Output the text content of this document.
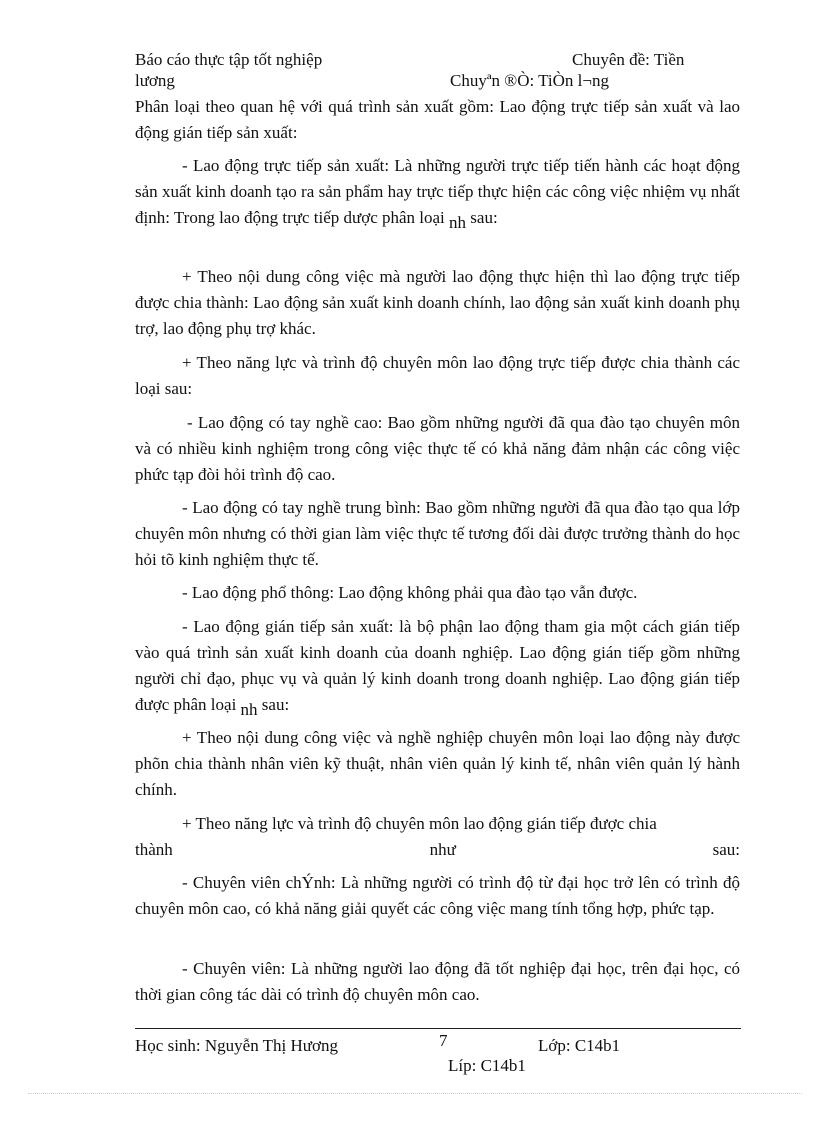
Báo cáo thực tập tốt nghiệp	Chuyên đề: Tiền
lương	Chuyªn ®Ò: TiÒn l¬ng
Phân loại theo quan hệ với quá trình sản xuất gồm: Lao động trực tiếp sản xuất và lao động gián tiếp sản xuất:
- Lao động trực tiếp sản xuất: Là những người trực tiếp tiến hành các hoạt động sản xuất kinh doanh tạo ra sản phẩm hay trực tiếp thực hiện các công việc nhiệm vụ nhất định: Trong lao động trực tiếp dược phân loại nh sau:
+ Theo nội dung công việc mà người lao động thực hiện thì lao động trực tiếp được chia thành: Lao động sản xuất kinh doanh chính, lao động sản xuất kinh doanh phụ trợ, lao động phụ trợ khác.
+ Theo năng lực và trình độ chuyên môn lao động trực tiếp được chia thành các loại sau:
- Lao động có tay nghề cao: Bao gồm những người đã qua đào tạo chuyên môn và có nhiều kinh nghiệm trong công việc thực tế có khả năng đảm nhận các công việc phức tạp đòi hỏi trình độ cao.
- Lao động có tay nghề trung bình: Bao gồm những người đã qua đào tạo qua lớp chuyên môn nhưng có thời gian làm việc thực tế tương đối dài được trưởng thành do học hỏi tõ kinh nghiệm thực tế.
- Lao động phổ thông: Lao động không phải qua đào tạo vẫn được.
- Lao động gián tiếp sản xuất: là bộ phận lao động tham gia một cách gián tiếp vào quá trình sản xuất kinh doanh của doanh nghiệp. Lao động gián tiếp gồm những người chỉ đạo, phục vụ và quản lý kinh doanh trong doanh nghiệp. Lao động gián tiếp được phân loại nh sau:
+ Theo nội dung công việc và nghề nghiệp chuyên môn loại lao động này được phõn chia thành nhân viên kỹ thuật, nhân viên quản lý kinh tế, nhân viên quản lý hành chính.
+ Theo năng lực và trình độ chuyên môn lao động gián tiếp được chia
thành	như	sau:
- Chuyên viên chÝnh: Là những người có trình độ từ đại học trở lên có trình độ chuyên môn cao, có khả năng giải quyết các công việc mang tính tổng hợp, phức tạp.
- Chuyên viên: Là những người lao động đã tốt nghiệp đại học, trên đại học, có thời gian công tác dài có trình độ chuyên môn cao.
Học sinh: Nguyễn Thị Hương	7	Lớp: C14b1
Líp: C14b1
